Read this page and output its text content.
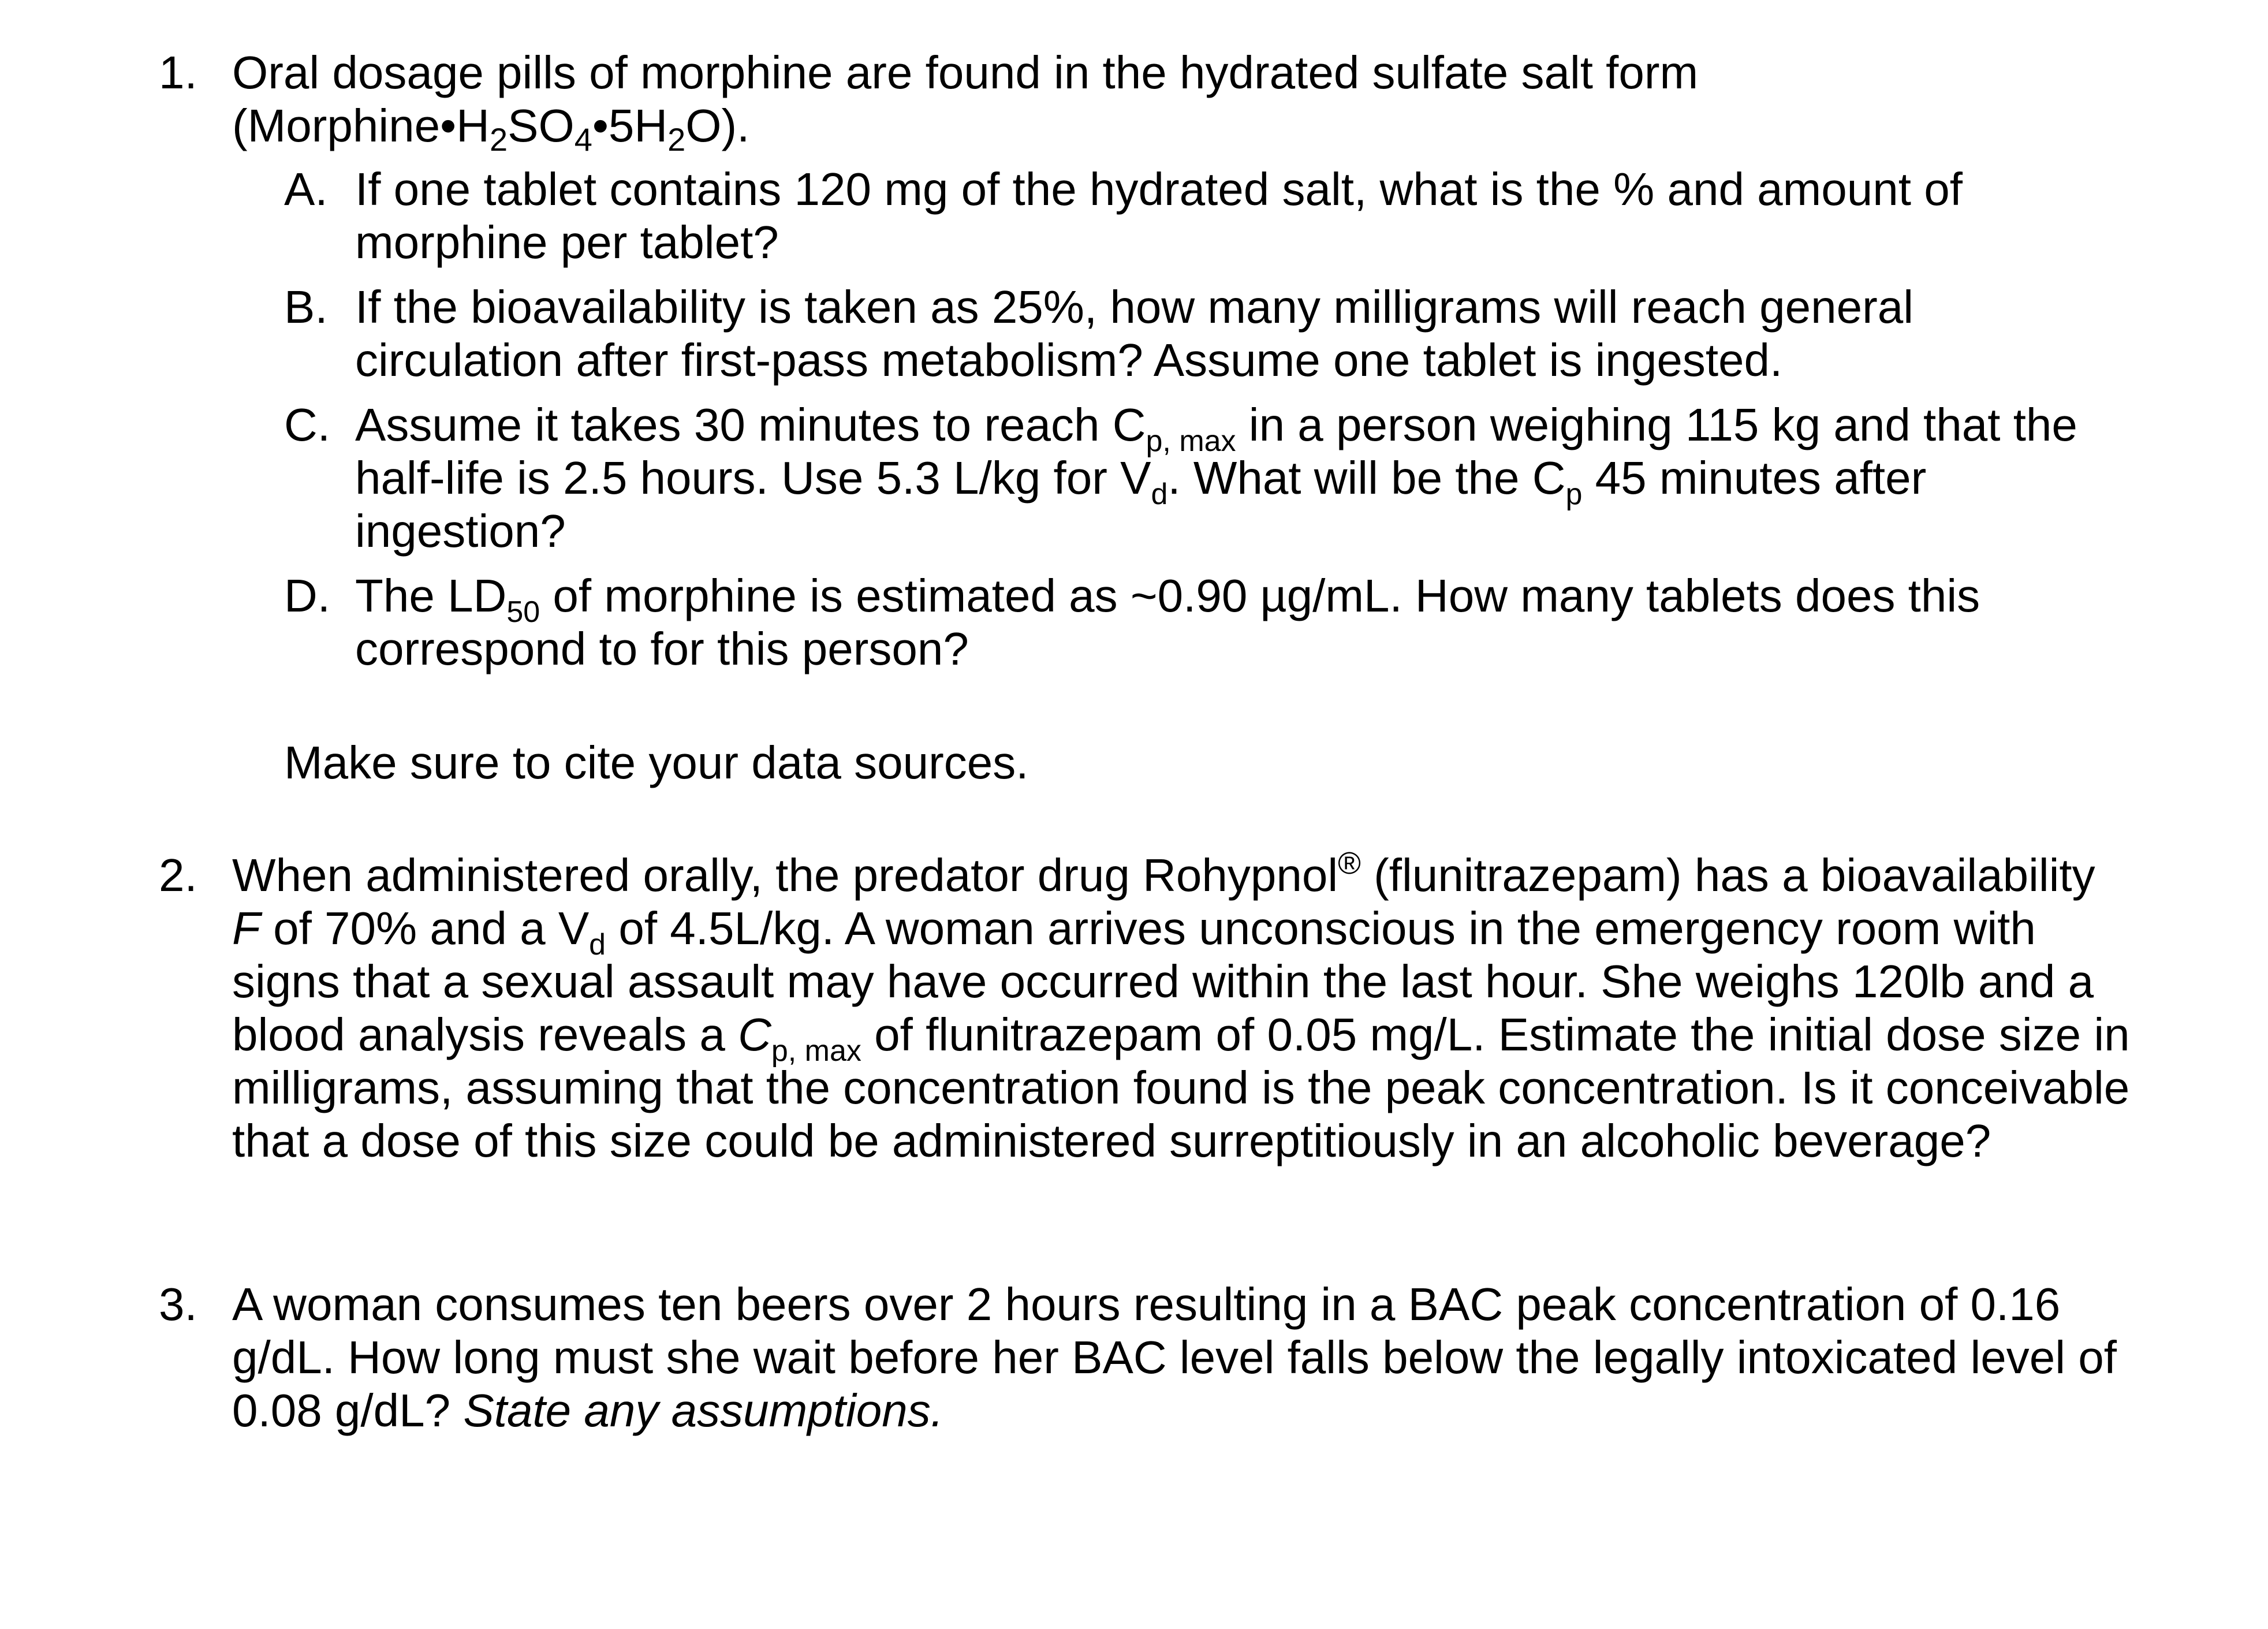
1. Oral dosage pills of morphine are found in the hydrated sulfate salt form
$(Morphine•H_2SO_4•5H_2O)$.
A. If one tablet contains 120 mg of the hydrated salt, what is the % and amount of morphine per tablet?
B. If the bioavailability is taken as 25%, how many milligrams will reach general circulation after first-pass metabolism? Assume one tablet is ingested.
C. Assume it takes 30 minutes to reach $C_{p, max}$ in a person weighing 115 kg and that the half-life is 2.5 hours. Use 5.3 L/kg for $V_d$. What will be the $C_p$ 45 minutes after ingestion?
D. The $LD_{50}$ of morphine is estimated as ~0.90 µg/mL. How many tablets does this correspond to for this person?
Make sure to cite your data sources.
2. When administered orally, the predator drug Rohypnol® (flunitrazepam) has a bioavailability F of 70% and a $V_d$ of 4.5L/kg. A woman arrives unconscious in the emergency room with signs that a sexual assault may have occurred within the last hour. She weighs 120lb and a blood analysis reveals a $C_{p, max}$ of flunitrazepam of 0.05 mg/L. Estimate the initial dose size in milligrams, assuming that the concentration found is the peak concentration. Is it conceivable that a dose of this size could be administered surreptitiously in an alcoholic beverage?
3. A woman consumes ten beers over 2 hours resulting in a BAC peak concentration of 0.16 g/dL. How long must she wait before her BAC level falls below the legally intoxicated level of 0.08 g/dL? State any assumptions.
